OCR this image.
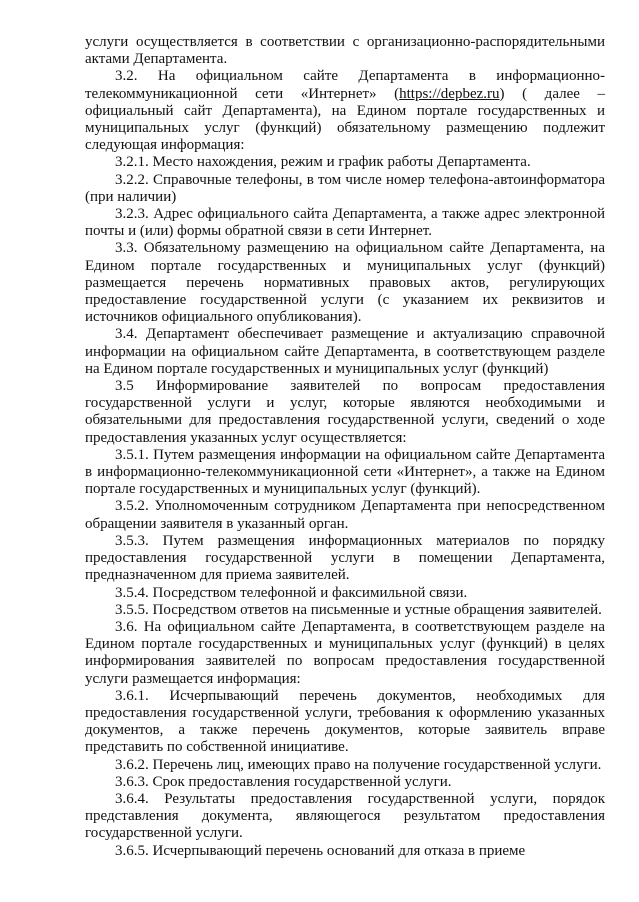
услуги осуществляется в соответствии с организационно-распорядительными актами Департамента.

3.2. На официальном сайте Департамента в информационно-телекоммуникационной сети «Интернет» (https://depbez.ru) ( далее – официальный сайт Департамента), на Едином портале государственных и муниципальных услуг (функций) обязательному размещению подлежит следующая информация:

3.2.1. Место нахождения, режим и график работы Департамента.

3.2.2. Справочные телефоны, в том числе номер телефона-автоинформатора (при наличии)

3.2.3. Адрес официального сайта Департамента, а также адрес электронной почты и (или) формы обратной связи в сети Интернет.

3.3. Обязательному размещению на официальном сайте Департамента, на Едином портале государственных и муниципальных услуг (функций) размещается перечень нормативных правовых актов, регулирующих предоставление государственной услуги (с указанием их реквизитов и источников официального опубликования).

3.4. Департамент обеспечивает размещение и актуализацию справочной информации на официальном сайте Департамента, в соответствующем разделе на Едином портале государственных и муниципальных услуг (функций)

3.5 Информирование заявителей по вопросам предоставления государственной услуги и услуг, которые являются необходимыми и обязательными для предоставления государственной услуги, сведений о ходе предоставления указанных услуг осуществляется:

3.5.1. Путем размещения информации на официальном сайте Департамента в информационно-телекоммуникационной сети «Интернет», а также на Едином портале государственных и муниципальных услуг (функций).

3.5.2. Уполномоченным сотрудником Департамента при непосредственном обращении заявителя в указанный орган.

3.5.3. Путем размещения информационных материалов по порядку предоставления государственной услуги в помещении Департамента, предназначенном для приема заявителей.

3.5.4. Посредством телефонной и факсимильной связи.

3.5.5. Посредством ответов на письменные и устные обращения заявителей.

3.6. На официальном сайте Департамента, в соответствующем разделе на Едином портале государственных и муниципальных услуг (функций) в целях информирования заявителей по вопросам предоставления государственной услуги размещается информация:

3.6.1. Исчерпывающий перечень документов, необходимых для предоставления государственной услуги, требования к оформлению указанных документов, а также перечень документов, которые заявитель вправе представить по собственной инициативе.

3.6.2. Перечень лиц, имеющих право на получение государственной услуги.

3.6.3. Срок предоставления государственной услуги.

3.6.4. Результаты предоставления государственной услуги, порядок представления документа, являющегося результатом предоставления государственной услуги.

3.6.5. Исчерпывающий перечень оснований для отказа в приеме
